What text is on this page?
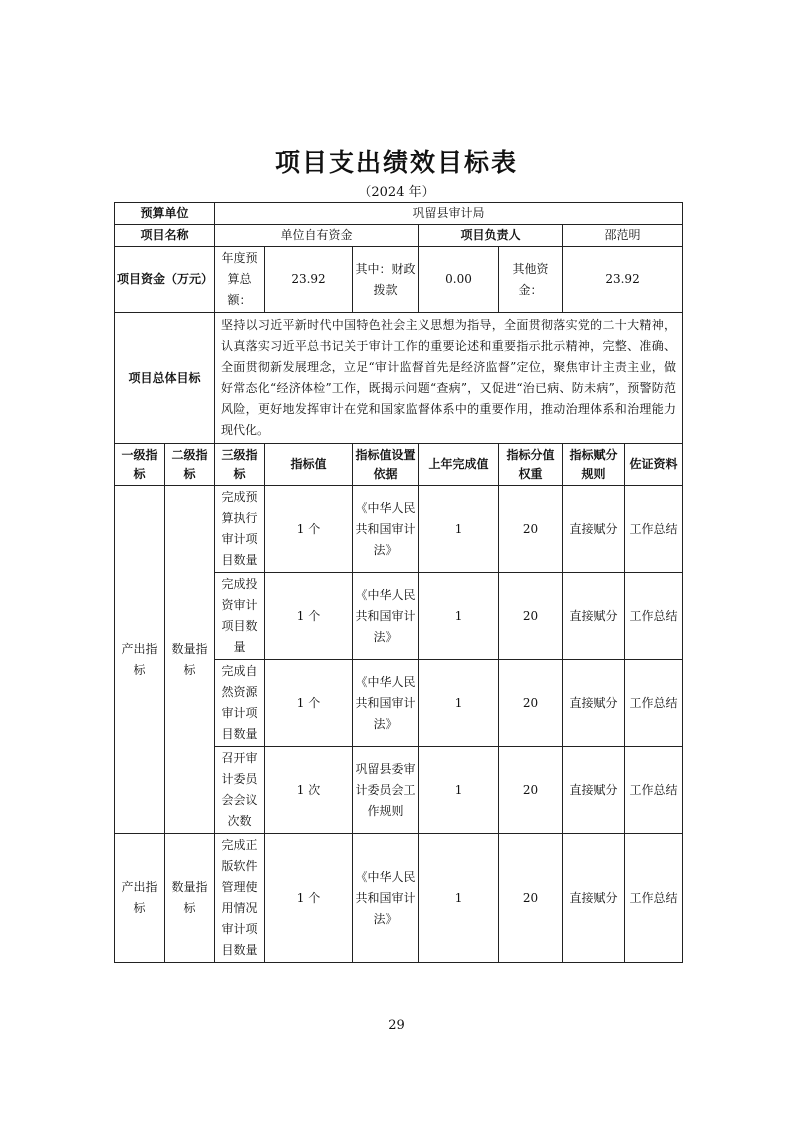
项目支出绩效目标表
（2024 年）
预算单位		巩留县审计局						
项目名称		单位自有资金			项目负责人		邵范明	
项目资金（万元）		年度预算总额：	23.92	其中：财政拨款	0.00	其他资金：	23.92	
项目总体目标		坚持以习近平新时代中国特色社会主义思想为指导，全面贯彻落实党的二十大精神，认真落实习近平总书记关于审计工作的重要论述和重要指示批示精神，完整、准确、全面贯彻新发展理念，立足“审计监督首先是经济监督”定位，聚焦审计主责主业，做好常态化“经济体检”工作，既揭示问题“查病”，又促进“治已病、防未病”，预警防范风险，更好地发挥审计在党和国家监督体系中的重要作用，推动治理体系和治理能力现代化。						
一级指标	二级指标	三级指标	指标值	指标值设置依据	上年完成值	指标分值权重	指标赋分规则	佐证资料
产出指标	数量指标	完成预算执行审计项目数量	1 个	《中华人民共和国审计法》	1	20	直接赋分	工作总结
		完成投资审计项目数量	1 个	《中华人民共和国审计法》	1	20	直接赋分	工作总结
		完成自然资源审计项目数量	1 个	《中华人民共和国审计法》	1	20	直接赋分	工作总结
		召开审计委员会会议次数	1 次	巩留县委审计委员会工作规则	1	20	直接赋分	工作总结
产出指标	数量指标	完成正版软件管理使用情况审计项目数量	1 个	《中华人民共和国审计法》	1	20	直接赋分	工作总结
29
